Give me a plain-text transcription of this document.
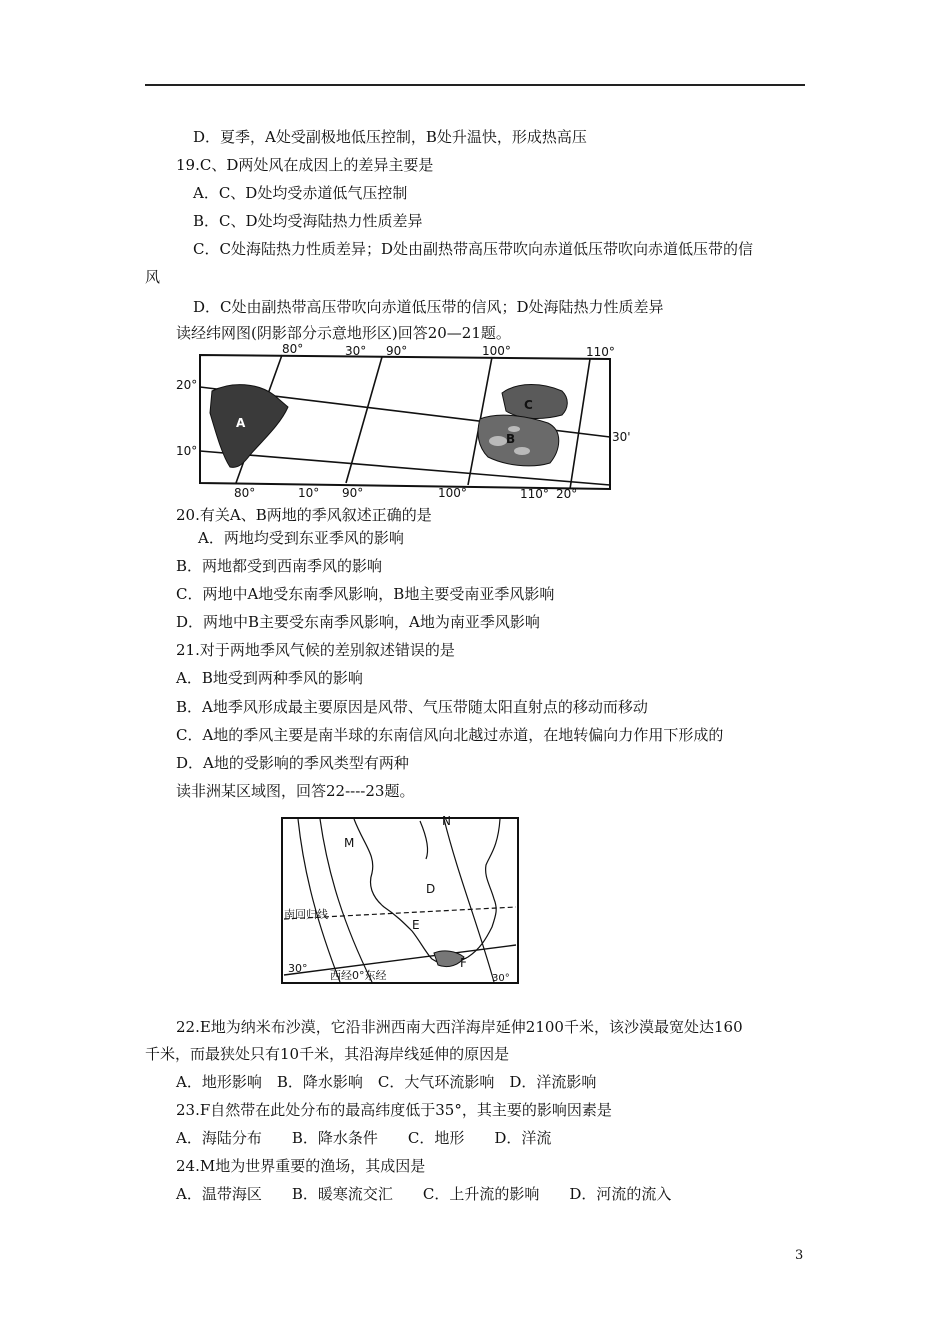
D．夏季，A处受副极地低压控制，B处升温快，形成热高压
19.C、D两处风在成因上的差异主要是
A．C、D处均受赤道低气压控制
B．C、D处均受海陆热力性质差异
C．C处海陆热力性质差异；D处由副热带高压带吹向赤道低压带吹向赤道低压带的信
风
D．C处由副热带高压带吹向赤道低压带的信风；D处海陆热力性质差异
读经纬网图(阴影部分示意地形区)回答20—21题。
80°	30° 90°	100°	110°
20°
10°
80°	10° 90°	100°	110° 20°
30'
A
B
C
20.有关A、B两地的季风叙述正确的是
A．两地均受到东亚季风的影响
B．两地都受到西南季风的影响
C．两地中A地受东南季风影响，B地主要受南亚季风影响
D．两地中B主要受东南季风影响，A地为南亚季风影响
21.对于两地季风气候的差别叙述错误的是
A．B地受到两种季风的影响
B．A地季风形成最主要原因是风带、气压带随太阳直射点的移动而移动
C．A地的季风主要是南半球的东南信风向北越过赤道，在地转偏向力作用下形成的
D．A地的受影响的季风类型有两种
读非洲某区域图，回答22----23题。
N
M
D
E
F
南回归线
30°
西经0°东经	30°
22.E地为纳米布沙漠，它沿非洲西南大西洋海岸延伸2100千米，该沙漠最宽处达160
千米，而最狭处只有10千米，其沿海岸线延伸的原因是
A．地形影响　B．降水影响　C．大气环流影响　D．洋流影响
23.F自然带在此处分布的最高纬度低于35°，其主要的影响因素是
A．海陆分布　　B．降水条件　　C．地形　　D．洋流
24.M地为世界重要的渔场，其成因是
A．温带海区　　B．暖寒流交汇　　C．上升流的影响　　D．河流的流入
3
